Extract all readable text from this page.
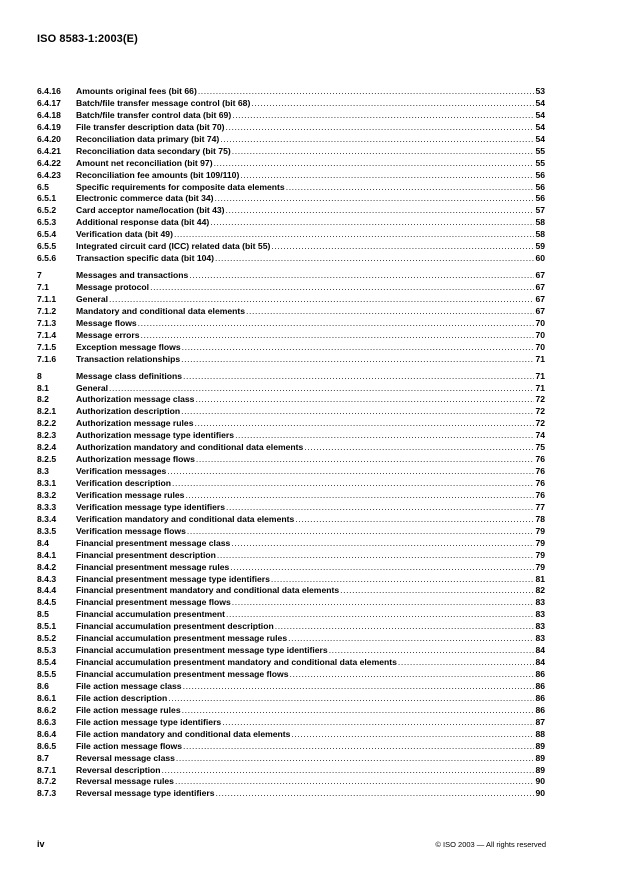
ISO 8583-1:2003(E)
6.4.16	Amounts original fees (bit 66) .....	53
6.4.17	Batch/file transfer message control (bit 68) .....	54
6.4.18	Batch/file transfer control data (bit 69) .....	54
6.4.19	File transfer description data (bit 70) .....	54
6.4.20	Reconciliation data primary (bit 74) .....	54
6.4.21	Reconciliation data secondary (bit 75) .....	55
6.4.22	Amount net reconciliation (bit 97) .....	55
6.4.23	Reconciliation fee amounts (bit 109/110) .....	56
6.5	Specific requirements for composite data elements .....	56
6.5.1	Electronic commerce data (bit 34) .....	56
6.5.2	Card acceptor name/location (bit 43) .....	57
6.5.3	Additional response data (bit 44) .....	58
6.5.4	Verification data (bit 49) .....	58
6.5.5	Integrated circuit card (ICC) related data (bit 55) .....	59
6.5.6	Transaction specific data (bit 104) .....	60
7	Messages and transactions .....	67
7.1	Message protocol .....	67
7.1.1	General .....	67
7.1.2	Mandatory and conditional data elements .....	67
7.1.3	Message flows .....	70
7.1.4	Message errors .....	70
7.1.5	Exception message flows .....	70
7.1.6	Transaction relationships .....	71
8	Message class definitions .....	71
8.1	General .....	71
8.2	Authorization message class .....	72
8.2.1	Authorization description .....	72
8.2.2	Authorization message rules .....	72
8.2.3	Authorization message type identifiers .....	74
8.2.4	Authorization mandatory and conditional data elements .....	75
8.2.5	Authorization message flows .....	76
8.3	Verification messages .....	76
8.3.1	Verification description .....	76
8.3.2	Verification message rules .....	76
8.3.3	Verification message type identifiers .....	77
8.3.4	Verification mandatory and conditional data elements .....	78
8.3.5	Verification message flows .....	79
8.4	Financial presentment message class .....	79
8.4.1	Financial presentment description .....	79
8.4.2	Financial presentment message rules .....	79
8.4.3	Financial presentment message type identifiers .....	81
8.4.4	Financial presentment mandatory and conditional data elements .....	82
8.4.5	Financial presentment message flows .....	83
8.5	Financial accumulation presentment .....	83
8.5.1	Financial accumulation presentment description .....	83
8.5.2	Financial accumulation presentment message rules .....	83
8.5.3	Financial accumulation presentment message type identifiers .....	84
8.5.4	Financial accumulation presentment mandatory and conditional data elements .....	84
8.5.5	Financial accumulation presentment message flows .....	86
8.6	File action message class .....	86
8.6.1	File action description .....	86
8.6.2	File action message rules .....	86
8.6.3	File action message type identifiers .....	87
8.6.4	File action mandatory and conditional data elements .....	88
8.6.5	File action message flows .....	89
8.7	Reversal message class .....	89
8.7.1	Reversal description .....	89
8.7.2	Reversal message rules .....	90
8.7.3	Reversal message type identifiers .....	90
iv	© ISO 2003 — All rights reserved
